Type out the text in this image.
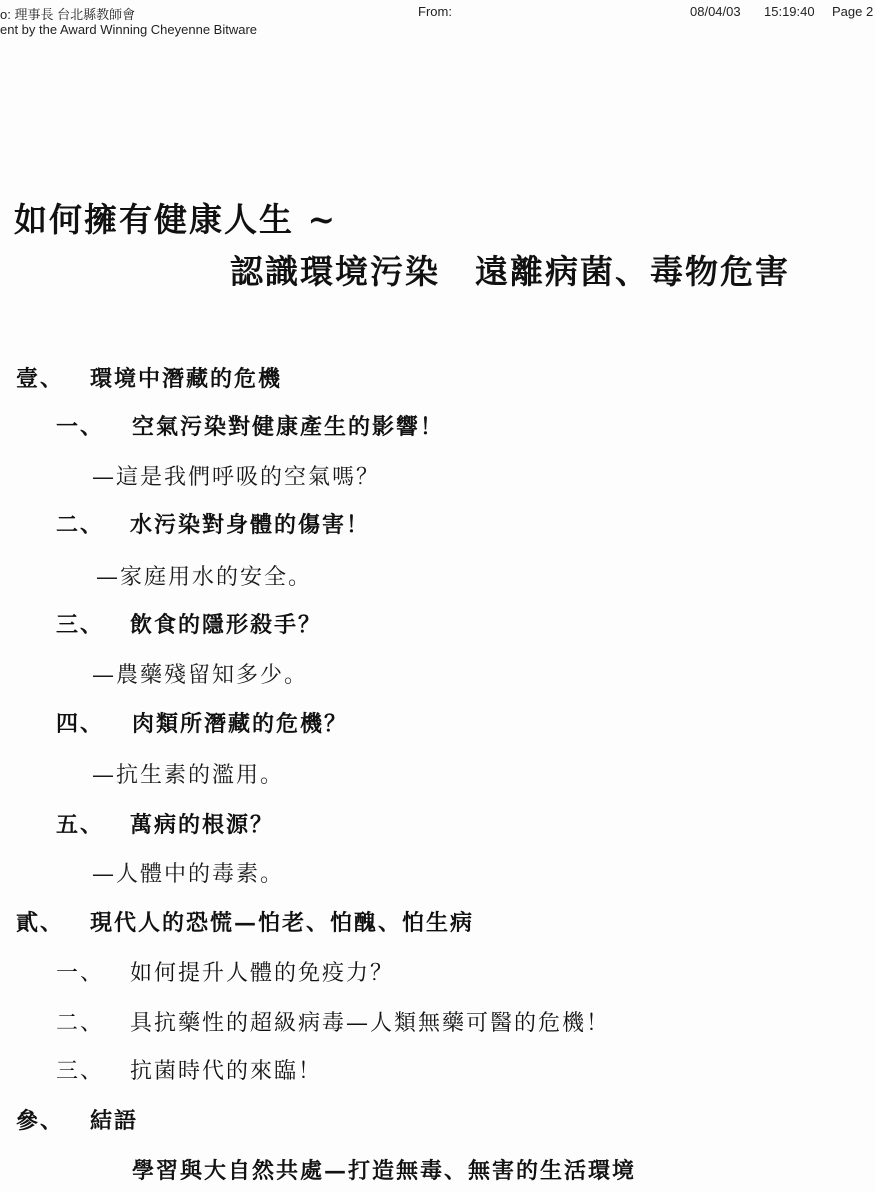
o: 理事長 台北縣教師會	From:	08/04/03 15:19:40 Page 2
ent by the Award Winning Cheyenne Bitware
如何擁有健康人生 ~
認識環境污染　遠離病菌、毒物危害
壹、 環境中潛藏的危機
一、 空氣污染對健康產生的影響！
—這是我們呼吸的空氣嗎？
二、 水污染對身體的傷害！
—家庭用水的安全。
三、 飲食的隱形殺手？
—農藥殘留知多少。
四、 肉類所潛藏的危機？
—抗生素的濫用。
五、 萬病的根源？
—人體中的毒素。
貳、 現代人的恐慌—怕老、怕醜、怕生病
一、 如何提升人體的免疫力？
二、 具抗藥性的超級病毒—人類無藥可醫的危機！
三、 抗菌時代的來臨！
參、 結語
學習與大自然共處—打造無毒、無害的生活環境
